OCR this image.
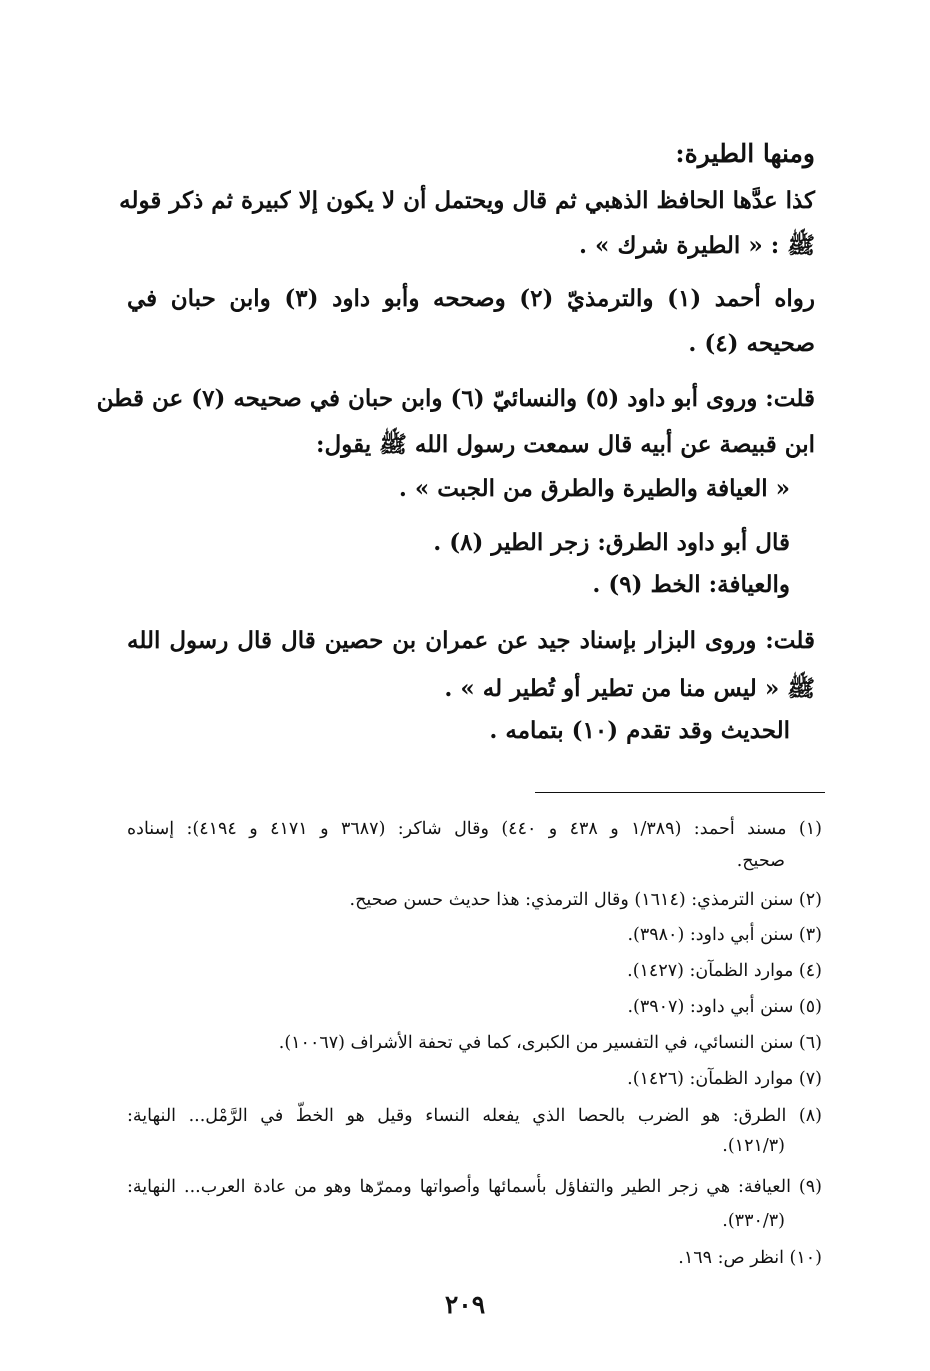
ومنها الطيرة:
كذا عدَّها الحافظ الذهبي ثم قال ويحتمل أن لا يكون إلا كبيرة ثم ذكر قوله
ﷺ : « الطيرة شرك » .
رواه أحمد (١) والترمذيّ (٢) وصححه وأبو داود (٣) وابن حبان في
صحيحه (٤) .
قلت: وروى أبو داود (٥) والنسائيّ (٦) وابن حبان في صحيحه (٧) عن قطن
ابن قبيصة عن أبيه قال سمعت رسول الله ﷺ يقول:
« العيافة والطيرة والطرق من الجبت » .
قال أبو داود الطرق: زجر الطير (٨) .
والعيافة: الخط (٩) .
قلت: وروى البزار بإسناد جيد عن عمران بن حصين قال قال رسول الله
ﷺ « ليس منا من تطير أو تُطير له » .
الحديث وقد تقدم (١٠) بتمامه .
(١) مسند أحمد: (١/٣٨٩ و ٤٣٨ و ٤٤٠) وقال شاكر: (٣٦٨٧ و ٤١٧١ و ٤١٩٤): إسناده
صحيح.
(٢) سنن الترمذي: (١٦١٤) وقال الترمذي: هذا حديث حسن صحيح.
(٣) سنن أبي داود: (٣٩٨٠).
(٤) موارد الظمآن: (١٤٢٧).
(٥) سنن أبي داود: (٣٩٠٧).
(٦) سنن النسائي، في التفسير من الكبرى، كما في تحفة الأشراف (١٠٠٦٧).
(٧) موارد الظمآن: (١٤٢٦).
(٨) الطرق: هو الضرب بالحصا الذي يفعله النساء وقيل هو الخطّ في الرَّمْل... النهاية:
(١٢١/٣).
(٩) العيافة: هي زجر الطير والتفاؤل بأسمائها وأصواتها وممرّها وهو من عادة العرب... النهاية:
(٣٣٠/٣).
(١٠) انظر ص: ١٦٩.
٢٠٩
